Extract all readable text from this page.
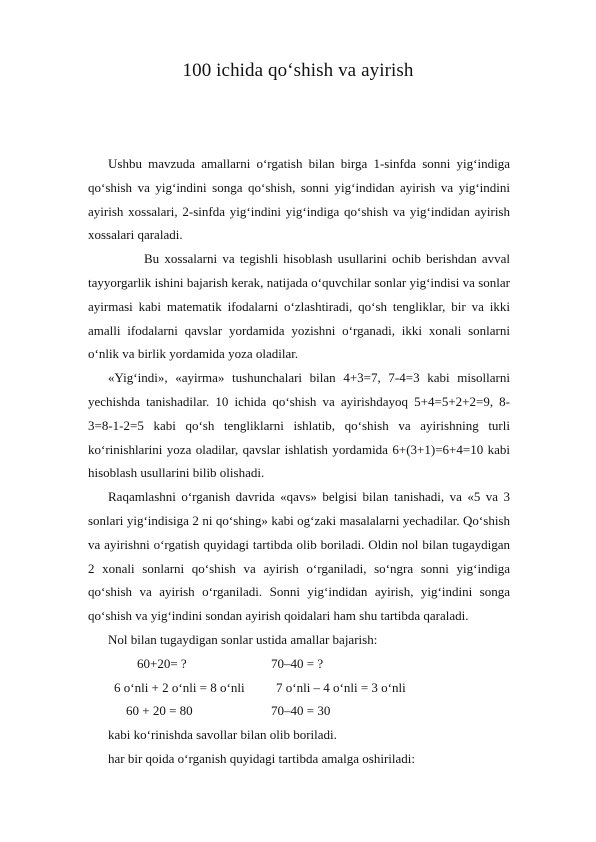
100 ichida qo‘shish va ayirish

Ushbu mavzuda amallarni o‘rgatish bilan birga 1-sinfda sonni yig‘indiga qo‘shish va yig‘indini songa qo‘shish, sonni yig‘indidan ayirish va yig‘indini ayirish xossalari, 2-sinfda yig‘indini yig‘indiga qo‘shish va yig‘indidan ayirish xossalari qaraladi.

Bu xossalarni va tegishli hisoblash usullarini ochib berishdan avval tayyorgarlik ishini bajarish kerak, natijada o‘quvchilar sonlar yig‘indisi va sonlar ayirmasi kabi matematik ifodalarni o‘zlashtiradi, qo‘sh tengliklar, bir va ikki amalli ifodalarni qavslar yordamida yozishni o‘rganadi, ikki xonali sonlarni o‘nlik va birlik yordamida yoza oladilar.

«Yig‘indi», «ayirma» tushunchalari bilan 4+3=7, 7-4=3 kabi misollarni yechishda tanishadilar. 10 ichida qo‘shish va ayirishdayoq 5+4=5+2+2=9, 8-3=8-1-2=5 kabi qo‘sh tengliklarni ishlatib, qo‘shish va ayirishning turli ko‘rinishlarini yoza oladilar, qavslar ishlatish yordamida 6+(3+1)=6+4=10 kabi hisoblash usullarini bilib olishadi.

Raqamlashni o‘rganish davrida «qavs» belgisi bilan tanishadi, va «5 va 3 sonlari yig‘indisiga 2 ni qo‘shing» kabi og‘zaki masalalarni yechadilar. Qo‘shish va ayirishni o‘rgatish quyidagi tartibda olib boriladi. Oldin nol bilan tugaydigan 2 xonali sonlarni qo‘shish va ayirish o‘rganiladi, so‘ngra sonni yig‘indiga qo‘shish va ayirish o‘rganiladi. Sonni yig‘indidan ayirish, yig‘indini songa qo‘shish va yig‘indini sondan ayirish qoidalari ham shu tartibda qaraladi.

Nol bilan tugaydigan sonlar ustida amallar bajarish:
60+20= ?	70–40 = ?
6 o‘nli + 2 o‘nli = 8 o‘nli 7 o‘nli – 4 o‘nli = 3 o‘nli
60 + 20 = 80	70–40 = 30
kabi ko‘rinishda savollar bilan olib boriladi.
har bir qoida o‘rganish quyidagi tartibda amalga oshiriladi:
